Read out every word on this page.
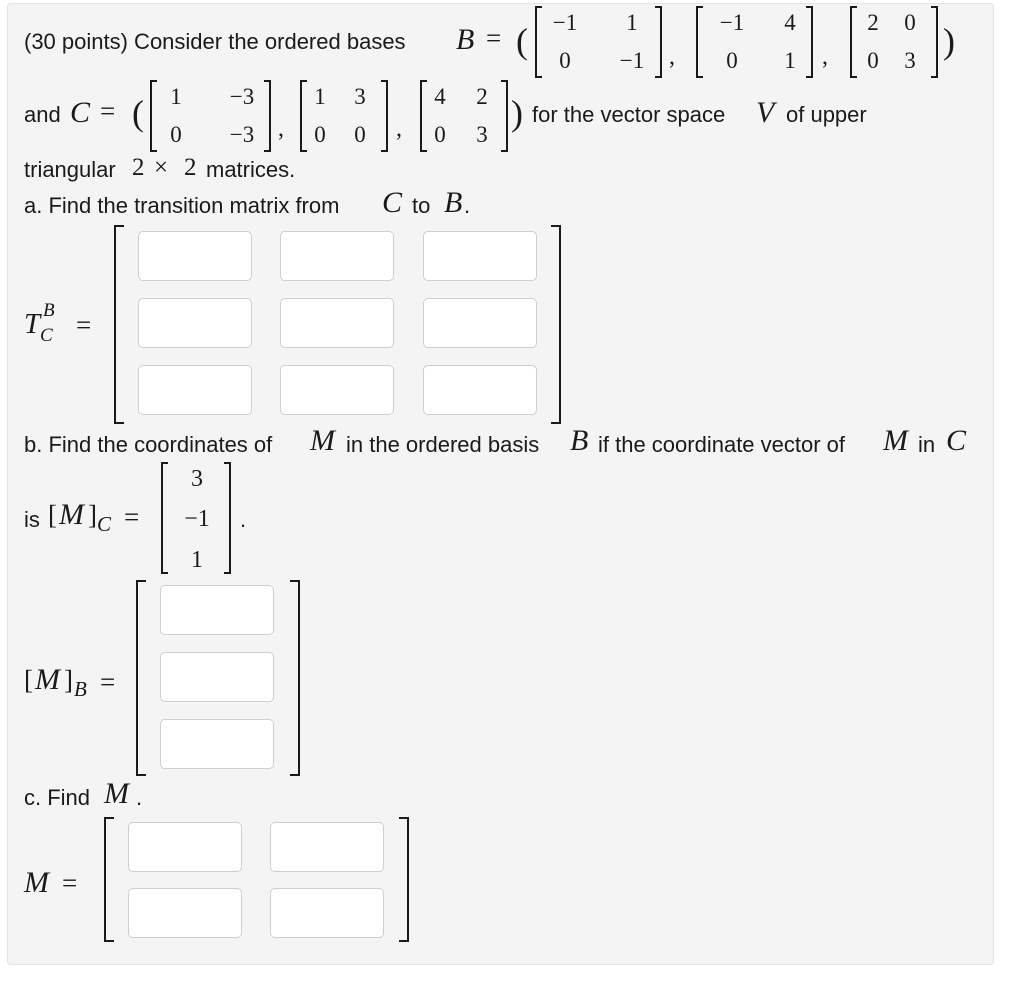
(30 points) Consider the ordered bases B = (	−1	1
0	−1	,
−1	4
0	1	,
2	0
0	3 )
and C = (	1	−3
0	−3 ,
1	3
0	0	,
4	2
0	3
) for the vector space V of upper
triangular 2 × 2 matrices.
a. Find the transition matrix from C to B .
T B
C =
b. Find the coordinates of M in the ordered basis B if the coordinate vector of M in C
is [ M ] C =
3
−1
1
.
[ M ] B =
c. Find M .
M =
